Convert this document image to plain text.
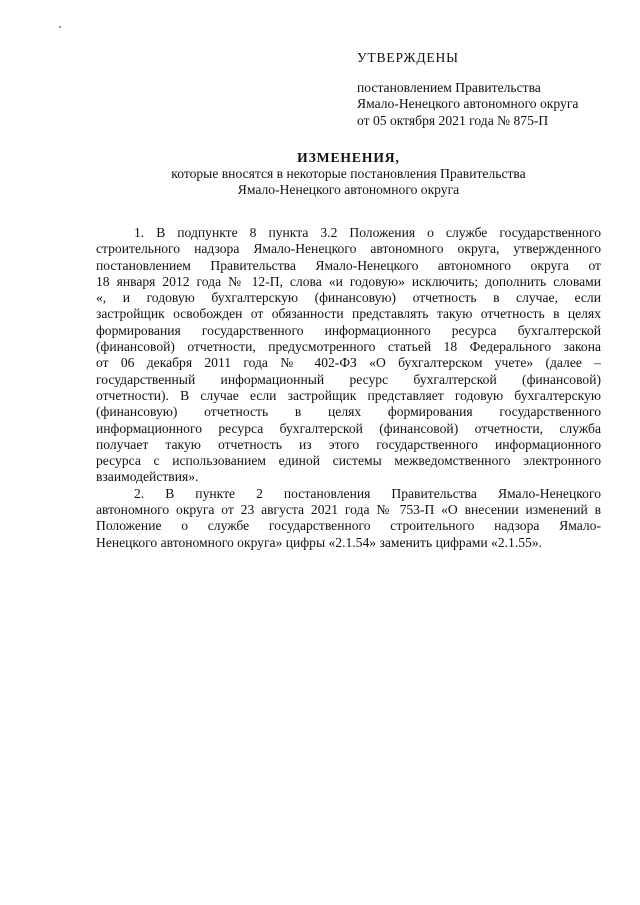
УТВЕРЖДЕНЫ
постановлением Правительства
Ямало-Ненецкого автономного округа
от 05 октября 2021 года № 875-П
ИЗМЕНЕНИЯ,
которые вносятся в некоторые постановления Правительства
Ямало-Ненецкого автономного округа

1. В подпункте 8 пункта 3.2 Положения о службе государственного
строительного надзора Ямало-Ненецкого автономного округа, утвержденного
постановлением Правительства Ямало-Ненецкого автономного округа от
18 января 2012 года № 12-П, слова «и годовую» исключить; дополнить словами
«, и годовую бухгалтерскую (финансовую) отчетность в случае, если
застройщик освобожден от обязанности представлять такую отчетность в целях
формирования государственного информационного ресурса бухгалтерской
(финансовой) отчетности, предусмотренного статьей 18 Федерального закона
от 06 декабря 2011 года № 402-ФЗ «О бухгалтерском учете» (далее –
государственный информационный ресурс бухгалтерской (финансовой)
отчетности). В случае если застройщик представляет годовую бухгалтерскую
(финансовую) отчетность в целях формирования государственного
информационного ресурса бухгалтерской (финансовой) отчетности, служба
получает такую отчетность из этого государственного информационного
ресурса с использованием единой системы межведомственного электронного
взаимодействия».

2. В пункте 2 постановления Правительства Ямало-Ненецкого
автономного округа от 23 августа 2021 года № 753-П «О внесении изменений в
Положение о службе государственного строительного надзора Ямало-
Ненецкого автономного округа» цифры «2.1.54» заменить цифрами «2.1.55».
